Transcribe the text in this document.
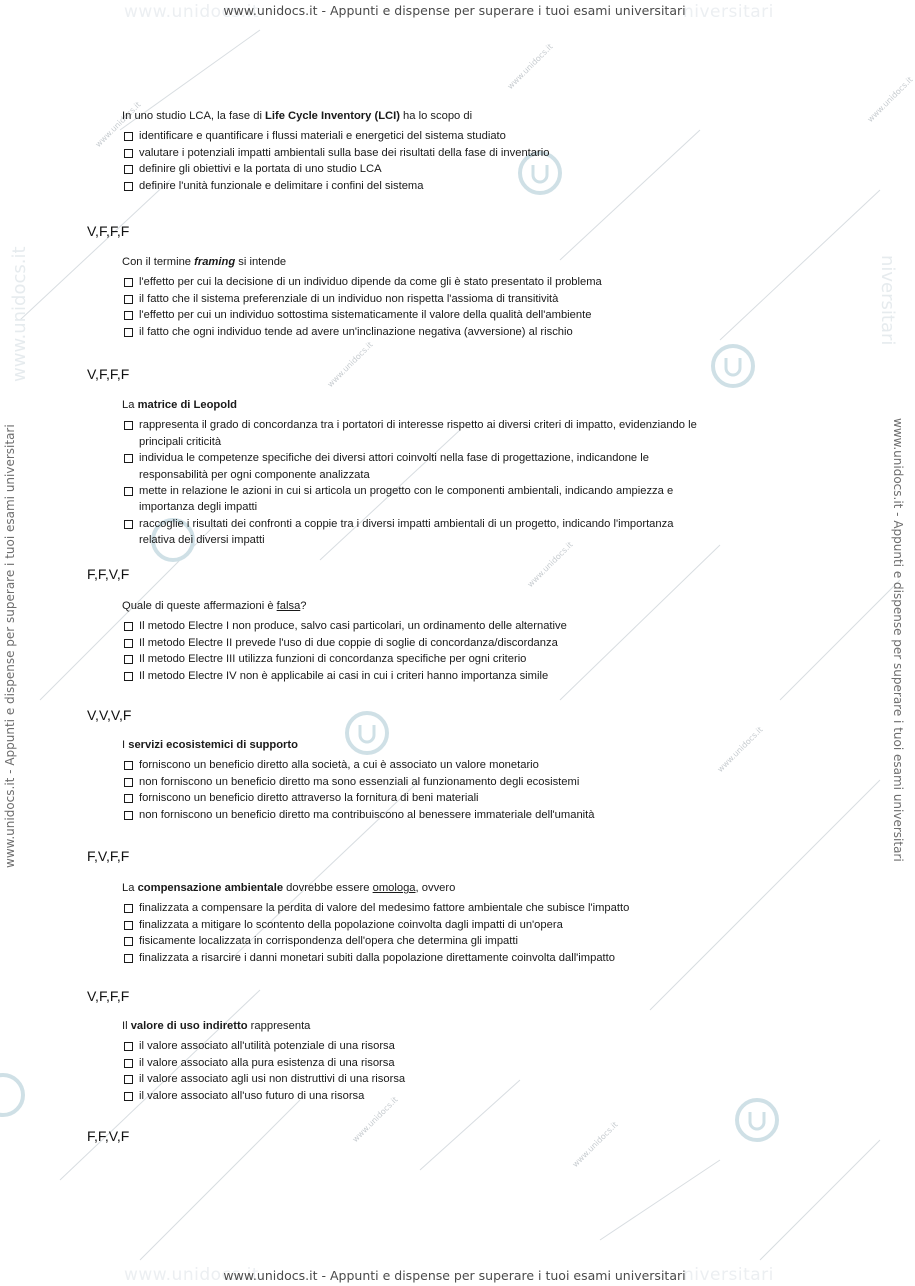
www.unidocs.it
www.unidocs.it
www.unidocs.it
www.unidocs.it
www.unidocs.it
www.unidocs.it
www.unidocs.it
www.unidocs.it
www.unidocs.it	niversitari
www.unidocs.it - Appunti e dispense per superare i tuoi esami universitari
www.unidocs.it	niversitari
www.unidocs.it - Appunti e dispense per superare i tuoi esami universitari
www.unidocs.it - Appunti e dispense per superare i tuoi esami universitari	www.unidocs.it - Appunti e dispense per superare i tuoi esami universitari
www.unidocs.it	niversitari

In uno studio LCA, la fase di Life Cycle Inventory (LCI) ha lo scopo di

identificare e quantificare i flussi materiali e energetici del sistema studiato

valutare i potenziali impatti ambientali sulla base dei risultati della fase di inventario

definire gli obiettivi e la portata di uno studio LCA

definire l'unità funzionale e delimitare i confini del sistema

V,F,F,F

Con il termine framing si intende

l'effetto per cui la decisione di un individuo dipende da come gli è stato presentato il problema

il fatto che il sistema preferenziale di un individuo non rispetta l'assioma di transitività

l'effetto per cui un individuo sottostima sistematicamente il valore della qualità dell'ambiente

il fatto che ogni individuo tende ad avere un'inclinazione negativa (avversione) al rischio

V,F,F,F

La matrice di Leopold

rappresenta il grado di concordanza tra i portatori di interesse rispetto ai diversi criteri di impatto, evidenziando le principali criticità

individua le competenze specifiche dei diversi attori coinvolti nella fase di progettazione, indicandone le responsabilità per ogni componente analizzata

mette in relazione le azioni in cui si articola un progetto con le componenti ambientali, indicando ampiezza e importanza degli impatti

raccoglie i risultati dei confronti a coppie tra i diversi impatti ambientali di un progetto, indicando l'importanza relativa dei diversi impatti

F,F,V,F

Quale di queste affermazioni è falsa?

Il metodo Electre I non produce, salvo casi particolari, un ordinamento delle alternative

Il metodo Electre II prevede l'uso di due coppie di soglie di concordanza/discordanza

Il metodo Electre III utilizza funzioni di concordanza specifiche per ogni criterio

Il metodo Electre IV non è applicabile ai casi in cui i criteri hanno importanza simile

V,V,V,F

I servizi ecosistemici di supporto

forniscono un beneficio diretto alla società, a cui è associato un valore monetario

non forniscono un beneficio diretto ma sono essenziali al funzionamento degli ecosistemi

forniscono un beneficio diretto attraverso la fornitura di beni materiali

non forniscono un beneficio diretto ma contribuiscono al benessere immateriale dell'umanità

F,V,F,F

La compensazione ambientale dovrebbe essere omologa, ovvero

finalizzata a compensare la perdita di valore del medesimo fattore ambientale che subisce l'impatto

finalizzata a mitigare lo scontento della popolazione coinvolta dagli impatti di un'opera

fisicamente localizzata in corrispondenza dell'opera che determina gli impatti

finalizzata a risarcire i danni monetari subiti dalla popolazione direttamente coinvolta dall'impatto

V,F,F,F

Il valore di uso indiretto rappresenta

il valore associato all'utilità potenziale di una risorsa

il valore associato alla pura esistenza di una risorsa

il valore associato agli usi non distruttivi di una risorsa

il valore associato all'uso futuro di una risorsa

F,F,V,F
